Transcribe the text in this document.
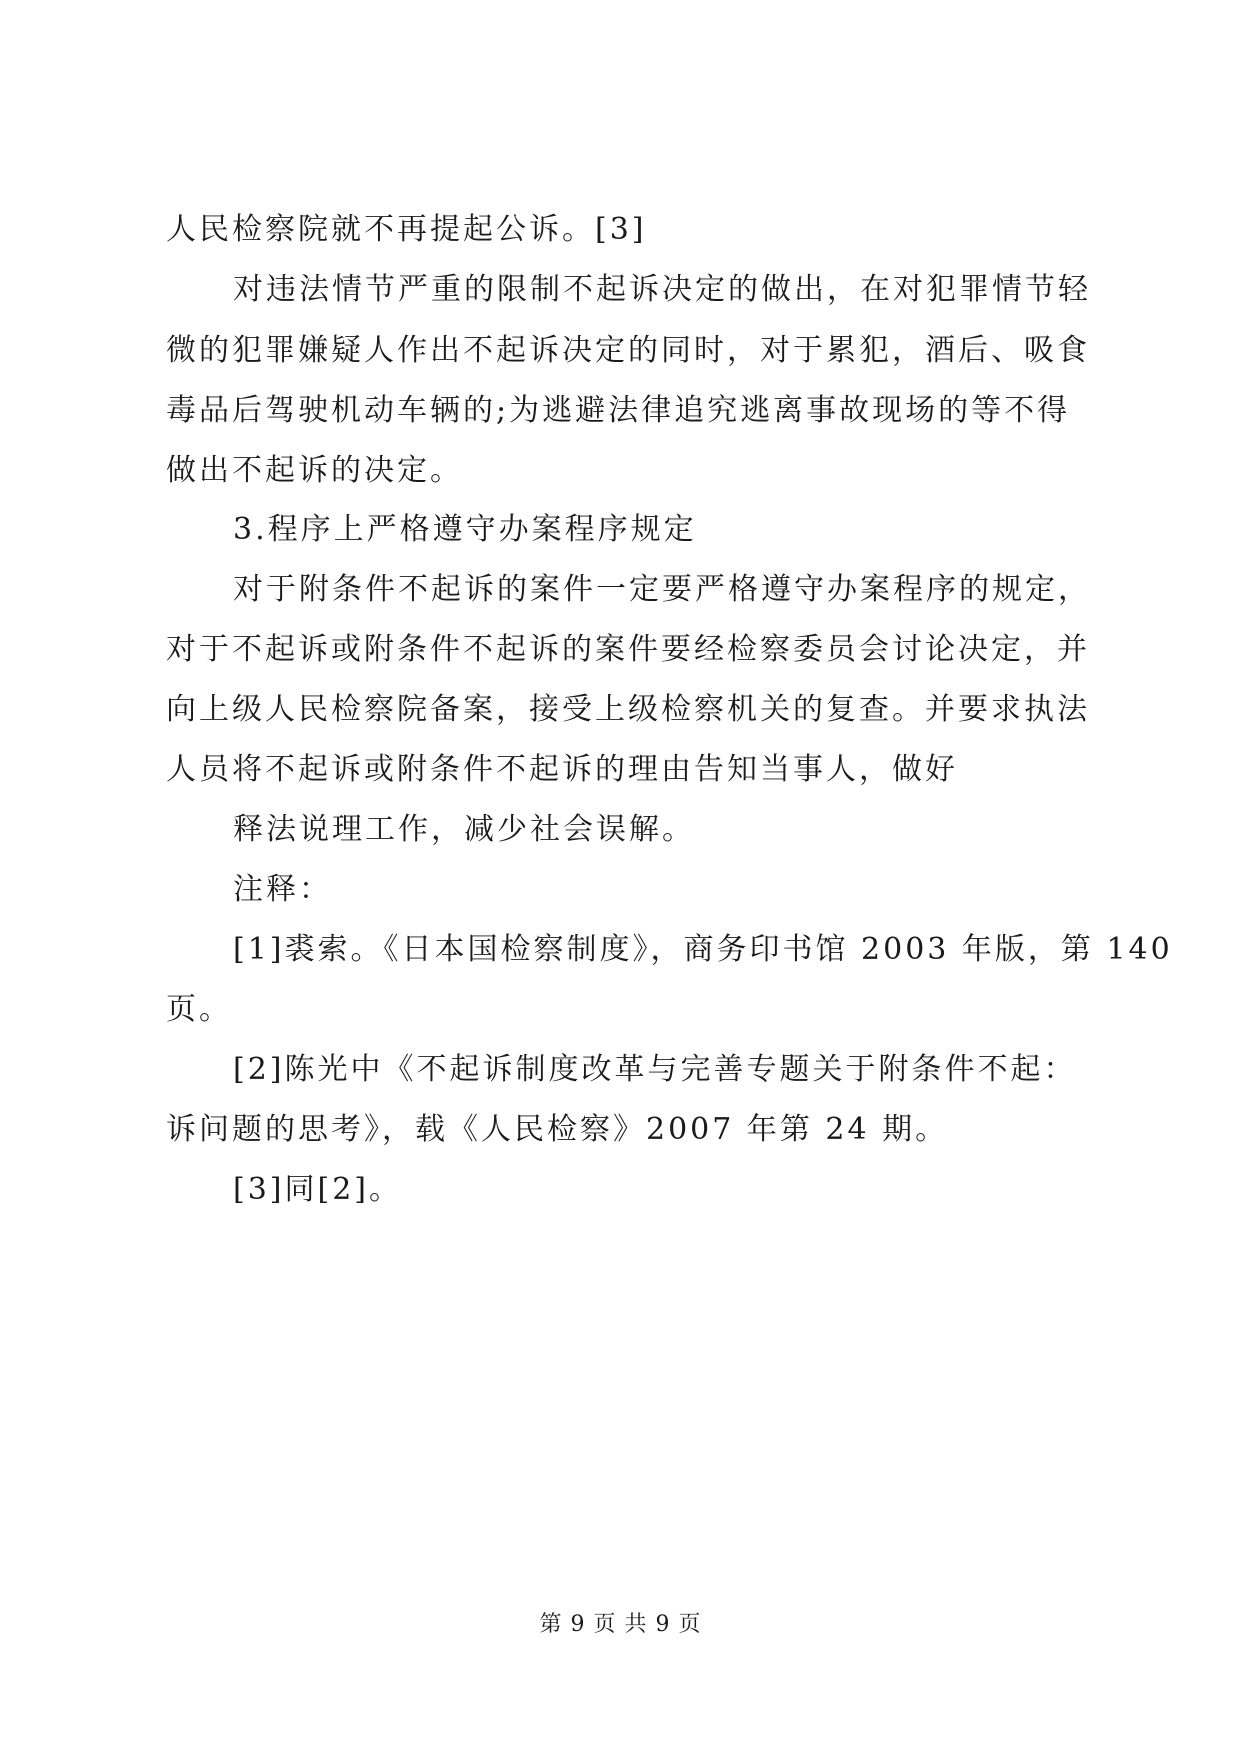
人民检察院就不再提起公诉。[3]
对违法情节严重的限制不起诉决定的做出，在对犯罪情节轻
微的犯罪嫌疑人作出不起诉决定的同时，对于累犯，酒后、吸食
毒品后驾驶机动车辆的;为逃避法律追究逃离事故现场的等不得
做出不起诉的决定。
3.程序上严格遵守办案程序规定
对于附条件不起诉的案件一定要严格遵守办案程序的规定，
对于不起诉或附条件不起诉的案件要经检察委员会讨论决定，并
向上级人民检察院备案，接受上级检察机关的复查。并要求执法
人员将不起诉或附条件不起诉的理由告知当事人，做好
释法说理工作，减少社会误解。
注释：
[1]裘索。《日本国检察制度》，商务印书馆 2003 年版，第 140
页。
[2]陈光中《不起诉制度改革与完善专题关于附条件不起：
诉问题的思考》，载《人民检察》2007 年第 24 期。
[3]同[2]。
第 9 页 共 9 页
